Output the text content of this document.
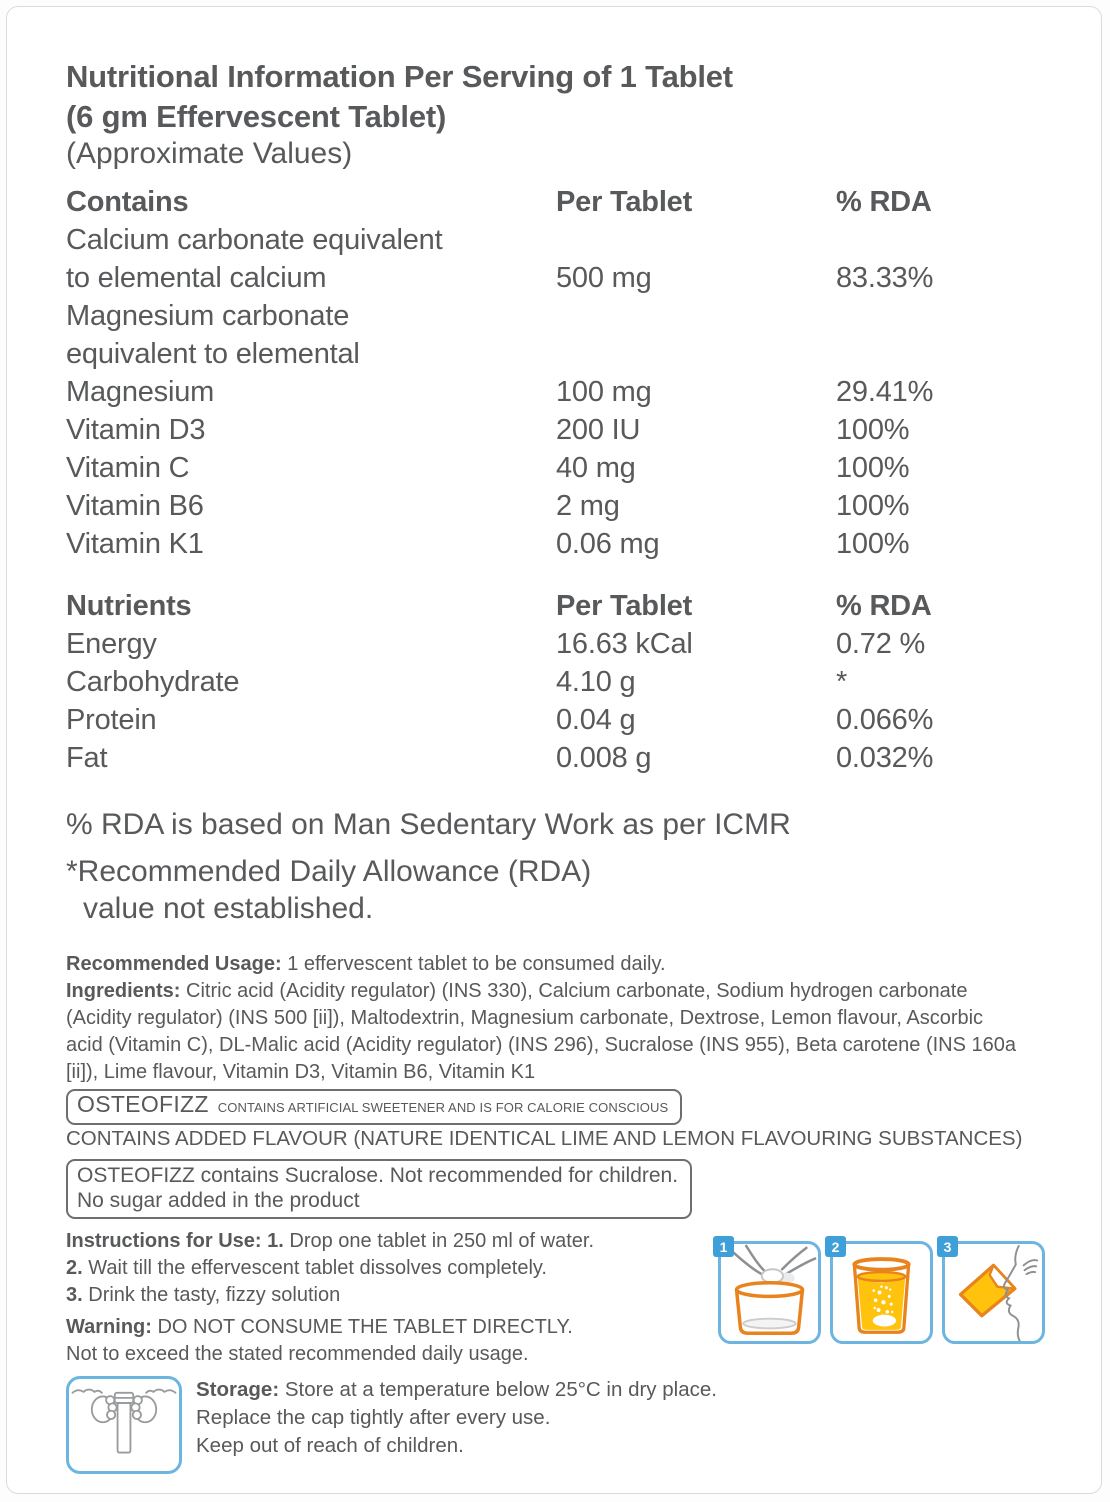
Nutritional Information Per Serving of 1 Tablet
(6 gm Effervescent Tablet)
(Approximate Values)
Contains	Per Tablet	% RDA
Calcium carbonate equivalent
to elemental calcium	500 mg	83.33%
Magnesium carbonate
equivalent to elemental
Magnesium	100 mg	29.41%
Vitamin D3	200 IU	100%
Vitamin C	40 mg	100%
Vitamin B6	2 mg	100%
Vitamin K1	0.06 mg	100%
Nutrients	Per Tablet	% RDA
Energy	16.63 kCal	0.72 %
Carbohydrate	4.10 g	*
Protein	0.04 g	0.066%
Fat	0.008 g	0.032%

% RDA is based on Man Sedentary Work as per ICMR

*Recommended Daily Allowance (RDA)
value not established.

Recommended Usage: 1 effervescent tablet to be consumed daily.

Ingredients: Citric acid (Acidity regulator) (INS 330), Calcium carbonate, Sodium hydrogen carbonate (Acidity regulator) (INS 500 [ii]), Maltodextrin, Magnesium carbonate, Dextrose, Lemon flavour, Ascorbic acid (Vitamin C), DL-Malic acid (Acidity regulator) (INS 296), Sucralose (INS 955), Beta carotene (INS 160a [ii]), Lime flavour, Vitamin D3, Vitamin B6, Vitamin K1

OSTEOFIZZ CONTAINS ARTIFICIAL SWEETENER AND IS FOR CALORIE CONSCIOUS

CONTAINS ADDED FLAVOUR (NATURE IDENTICAL LIME AND LEMON FLAVOURING SUBSTANCES)

OSTEOFIZZ contains Sucralose. Not recommended for children.
No sugar added in the product

Instructions for Use: 1. Drop one tablet in 250 ml of water.

2. Wait till the effervescent tablet dissolves completely.

3. Drink the tasty, fizzy solution

Warning: DO NOT CONSUME THE TABLET DIRECTLY.

Not to exceed the stated recommended daily usage.

Storage: Store at a temperature below 25°C in dry place.

Replace the cap tightly after every use.

Keep out of reach of children.

1	2	3
